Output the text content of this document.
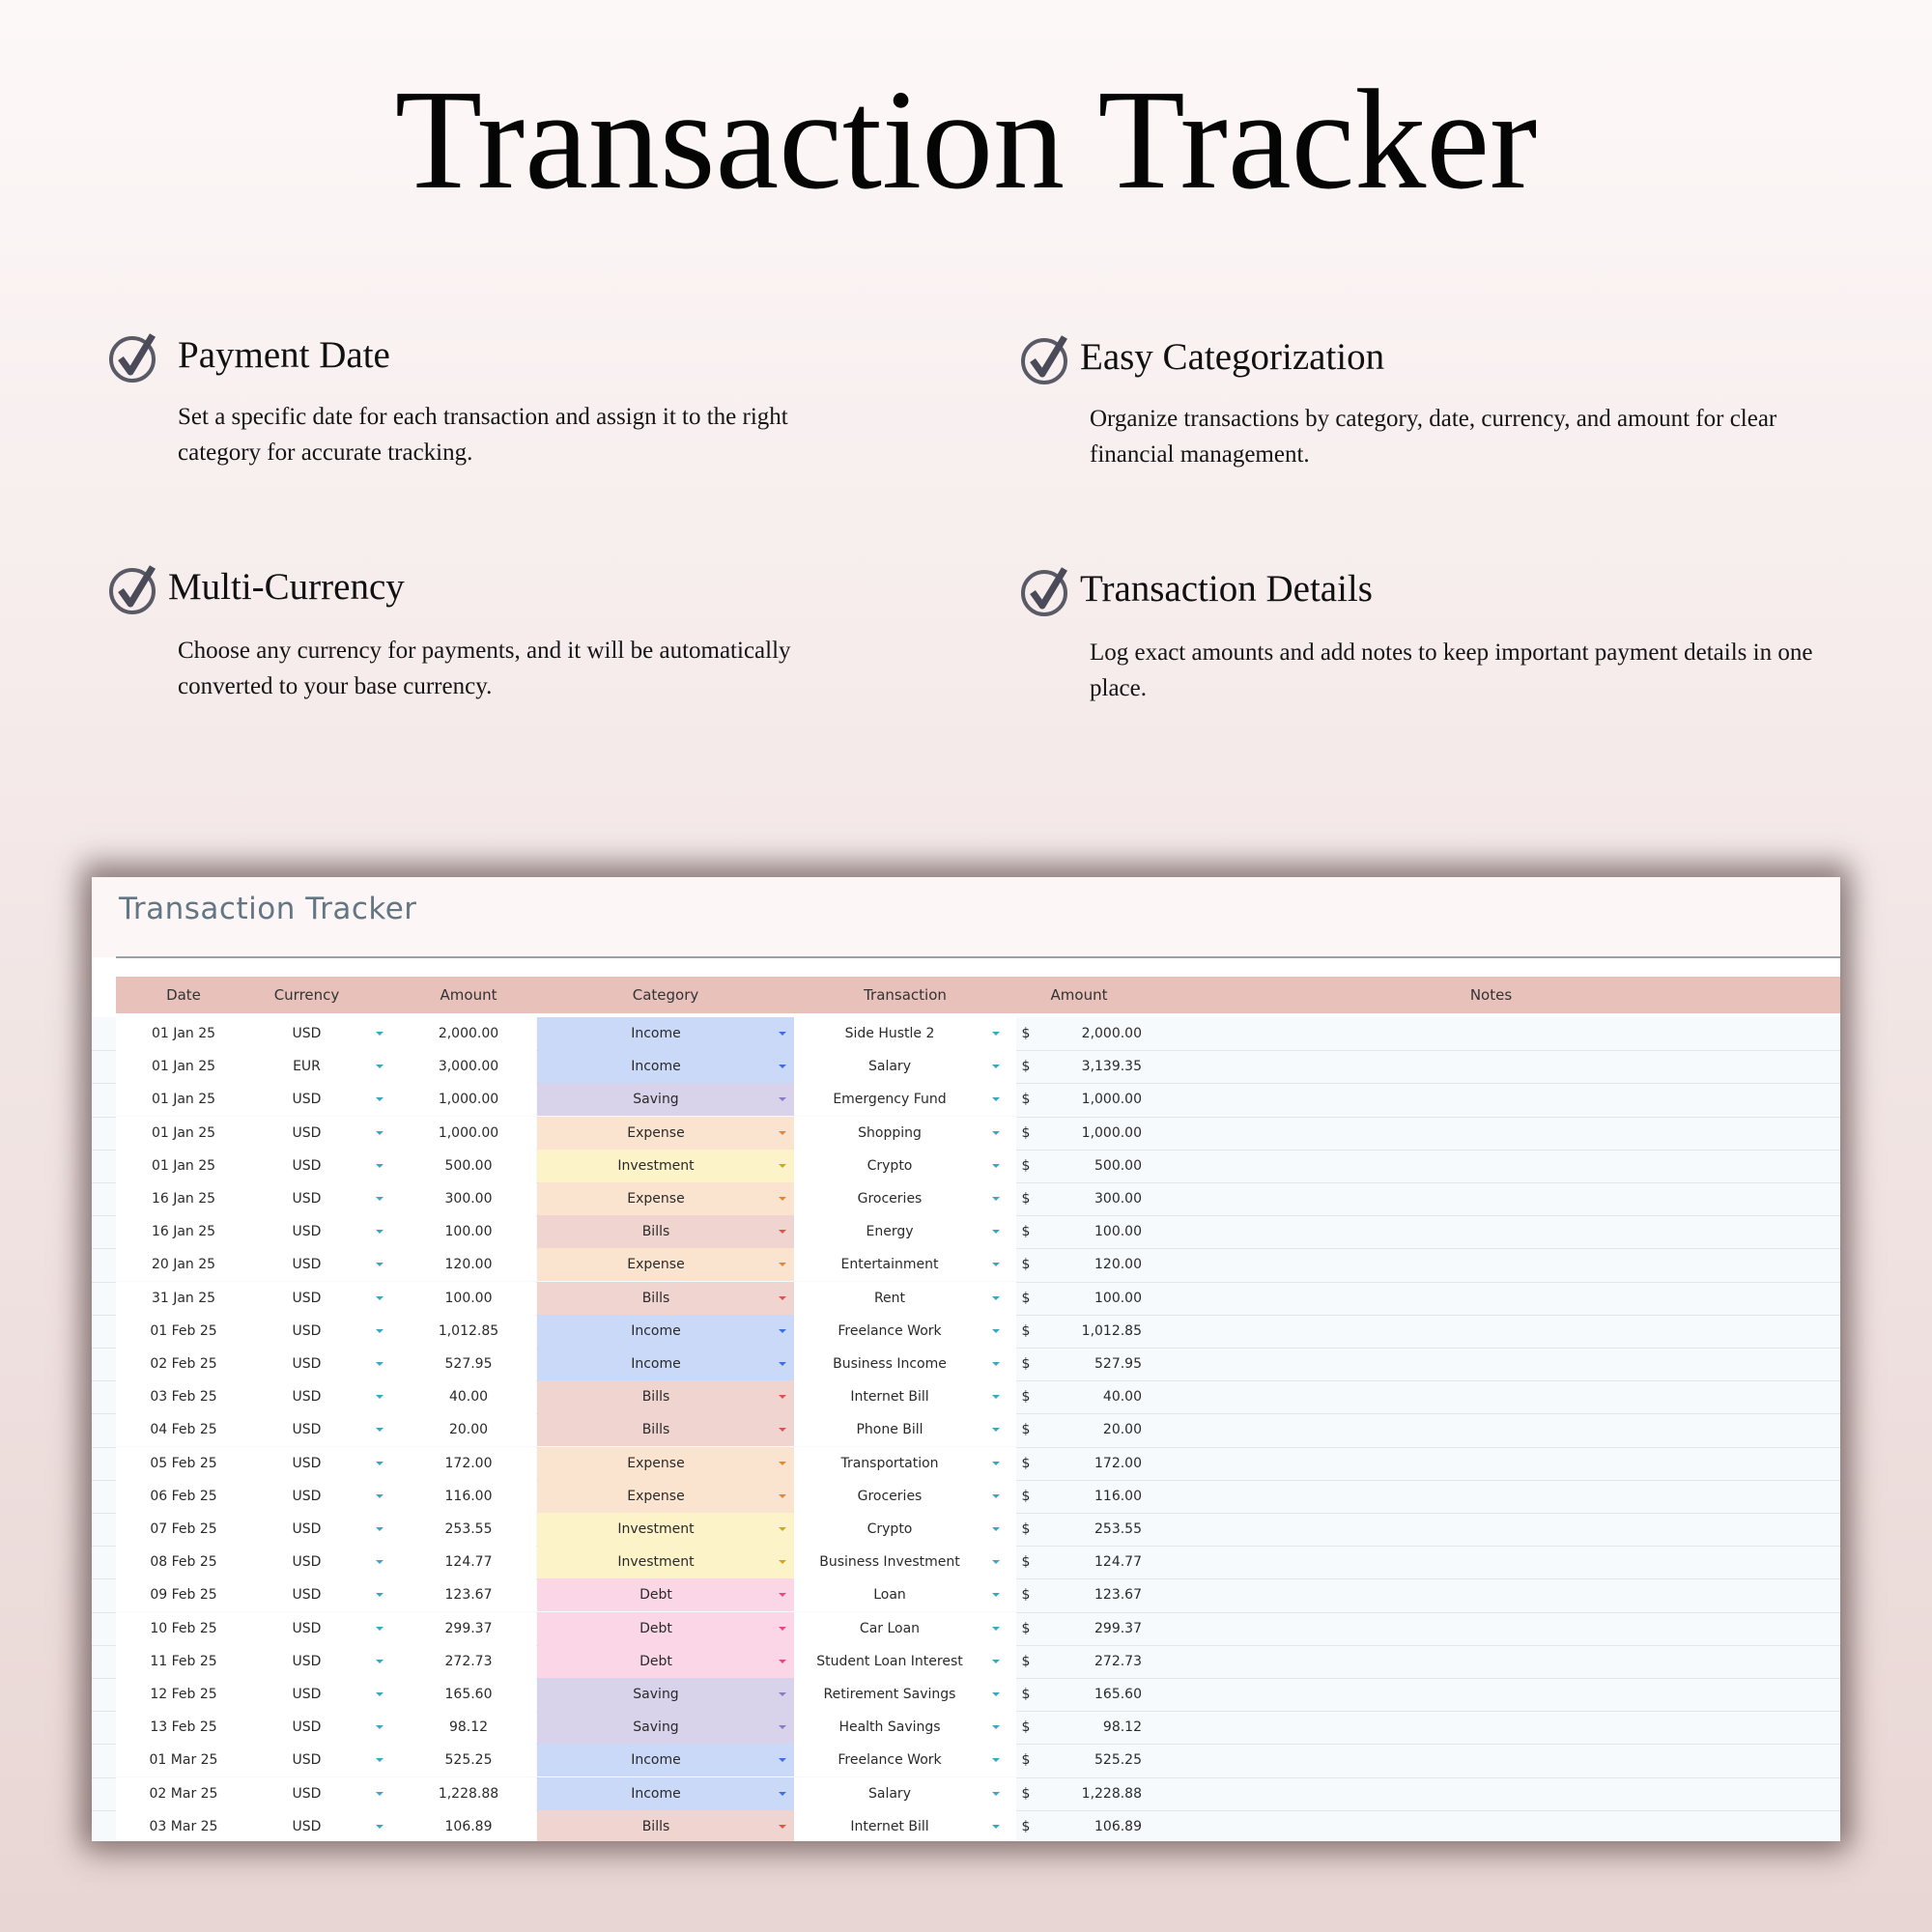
Transaction Tracker
Payment Date

Set a specific date for each transaction and assign it to the right category for accurate tracking.

Easy Categorization

Organize transactions by category, date, currency, and amount for clear financial management.

Multi-Currency

Choose any currency for payments, and it will be automatically converted to your base currency.

Transaction Details

Log exact amounts and add notes to keep important payment details in one place.

Transaction Tracker
Date	Currency	Amount	Category	Transaction	Amount	Notes
01 Jan 25	USD	2,000.00	Income	Side Hustle 2	$	2,000.00
01 Jan 25	EUR	3,000.00	Income	Salary	$	3,139.35
01 Jan 25	USD	1,000.00	Saving	Emergency Fund	$	1,000.00
01 Jan 25	USD	1,000.00	Expense	Shopping	$	1,000.00
01 Jan 25	USD	500.00	Investment	Crypto	$	500.00
16 Jan 25	USD	300.00	Expense	Groceries	$	300.00
16 Jan 25	USD	100.00	Bills	Energy	$	100.00
20 Jan 25	USD	120.00	Expense	Entertainment	$	120.00
31 Jan 25	USD	100.00	Bills	Rent	$	100.00
01 Feb 25	USD	1,012.85	Income	Freelance Work	$	1,012.85
02 Feb 25	USD	527.95	Income	Business Income	$	527.95
03 Feb 25	USD	40.00	Bills	Internet Bill	$	40.00
04 Feb 25	USD	20.00	Bills	Phone Bill	$	20.00
05 Feb 25	USD	172.00	Expense	Transportation	$	172.00
06 Feb 25	USD	116.00	Expense	Groceries	$	116.00
07 Feb 25	USD	253.55	Investment	Crypto	$	253.55
08 Feb 25	USD	124.77	Investment	Business Investment	$	124.77
09 Feb 25	USD	123.67	Debt	Loan	$	123.67
10 Feb 25	USD	299.37	Debt	Car Loan	$	299.37
11 Feb 25	USD	272.73	Debt	Student Loan Interest	$	272.73
12 Feb 25	USD	165.60	Saving	Retirement Savings	$	165.60
13 Feb 25	USD	98.12	Saving	Health Savings	$	98.12
01 Mar 25	USD	525.25	Income	Freelance Work	$	525.25
02 Mar 25	USD	1,228.88	Income	Salary	$	1,228.88
03 Mar 25	USD	106.89	Bills	Internet Bill	$	106.89
